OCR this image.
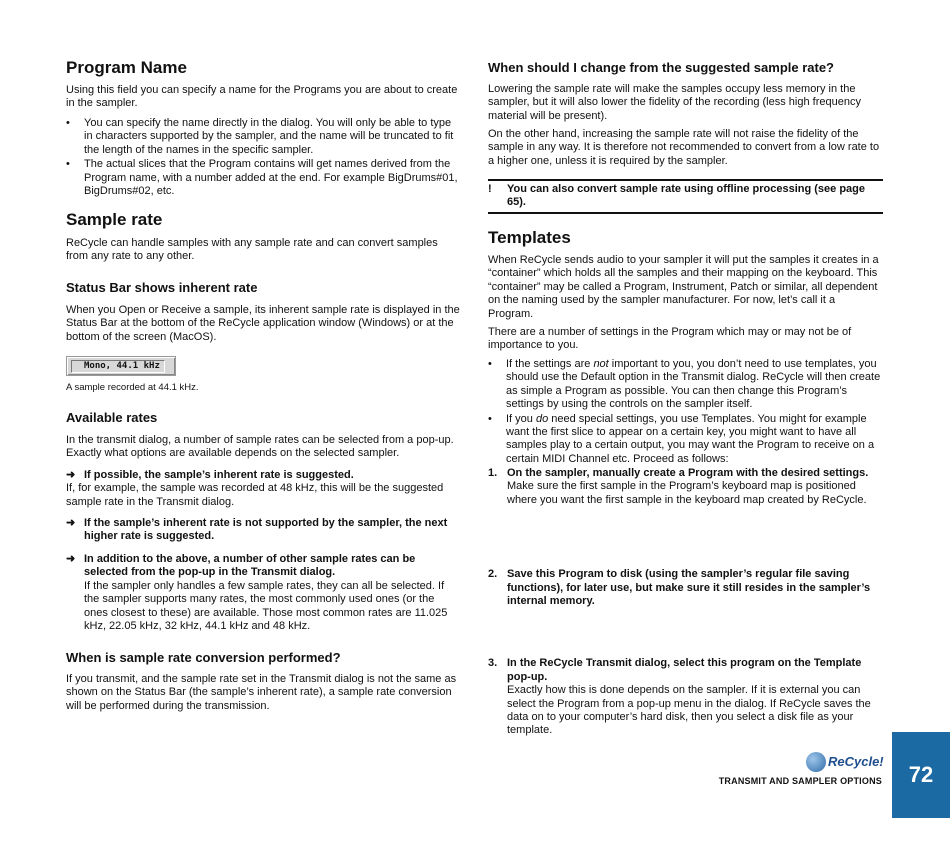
Program Name

Using this field you can specify a name for the Programs you are about to create in the sampler.

• You can specify the name directly in the dialog. You will only be able to type in characters supported by the sampler, and the name will be truncated to fit the length of the names in the specific sampler.
• The actual slices that the Program contains will get names derived from the Program name, with a number added at the end. For example BigDrums#01, BigDrums#02, etc.
Sample rate

ReCycle can handle samples with any sample rate and can convert samples from any rate to any other.

Status Bar shows inherent rate

When you Open or Receive a sample, its inherent sample rate is displayed in the Status Bar at the bottom of the ReCycle application window (Windows) or at the bottom of the screen (MacOS).

Mono, 44.1 kHz
A sample recorded at 44.1 kHz.
Available rates

In the transmit dialog, a number of sample rates can be selected from a pop-up. Exactly what options are available depends on the selected sampler.

➜ If possible, the sample’s inherent rate is suggested.
If, for example, the sample was recorded at 48 kHz, this will be the suggested sample rate in the Transmit dialog.
➜ If the sample’s inherent rate is not supported by the sampler, the next higher rate is suggested.
➜ In addition to the above, a number of other sample rates can be selected from the pop-up in the Transmit dialog.
If the sampler only handles a few sample rates, they can all be selected. If the sampler supports many rates, the most commonly used ones (or the ones closest to these) are available. Those most common rates are 11.025 kHz, 22.05 kHz, 32 kHz, 44.1 kHz and 48 kHz.
When is sample rate conversion performed?

If you transmit, and the sample rate set in the Transmit dialog is not the same as shown on the Status Bar (the sample’s inherent rate), a sample rate conversion will be performed during the transmission.

When should I change from the suggested sample rate?

Lowering the sample rate will make the samples occupy less memory in the sampler, but it will also lower the fidelity of the recording (less high frequency material will be present).

On the other hand, increasing the sample rate will not raise the fidelity of the sample in any way. It is therefore not recommended to convert from a low rate to a higher one, unless it is required by the sampler.

! You can also convert sample rate using offline processing (see page 65).
Templates

When ReCycle sends audio to your sampler it will put the samples it creates in a “container” which holds all the samples and their mapping on the keyboard. This “container” may be called a Program, Instrument, Patch or similar, all dependent on the naming used by the sampler manufacturer. For now, let’s call it a Program.

There are a number of settings in the Program which may or may not be of importance to you.

• If the settings are not important to you, you don’t need to use templates, you should use the Default option in the Transmit dialog. ReCycle will then create as simple a Program as possible. You can then change this Program’s settings by using the controls on the sampler itself.
• If you do need special settings, you use Templates. You might for example want the first slice to appear on a certain key, you might want to have all samples play to a certain output, you may want the Program to receive on a certain MIDI Channel etc. Proceed as follows:
1. On the sampler, manually create a Program with the desired settings.
Make sure the first sample in the Program’s keyboard map is positioned where you want the first sample in the keyboard map created by ReCycle.
2. Save this Program to disk (using the sampler’s regular file saving functions), for later use, but make sure it still resides in the sampler’s internal memory.
3. In the ReCycle Transmit dialog, select this program on the Template pop-up.
Exactly how this is done depends on the sampler. If it is external you can select the Program from a pop-up menu in the dialog. If ReCycle saves the data on to your computer’s hard disk, then you select a disk file as your template.
ReCycle!
TRANSMIT AND SAMPLER OPTIONS	72
